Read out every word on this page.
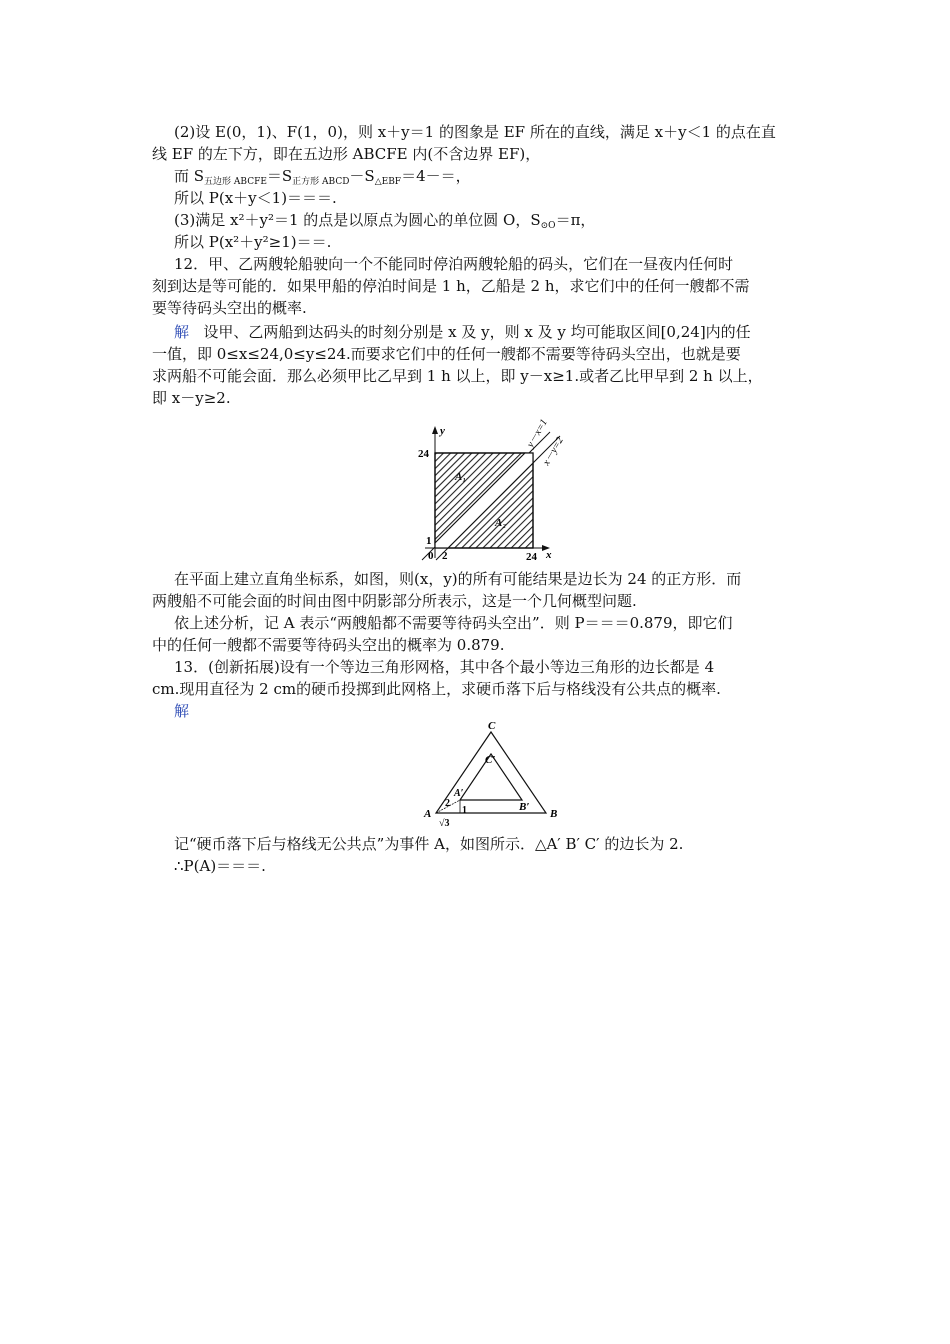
(2)设 E(0，1)、F(1，0)，则 x＋y＝1 的图象是 EF 所在的直线，满足 x＋y＜1 的点在直
线 EF 的左下方，即在五边形 ABCFE 内(不含边界 EF)，
而 $S_{五边形 ABCFE}=S_{正方形 ABCD}-S_{\triangle EBF}=4-=$，
所以 P(x＋y＜1)＝＝＝.
(3)满足 x²＋y²＝1 的点是以原点为圆心的单位圆 O，$S_{⊙O}=\pi$，
所以 P(x²＋y²≥1)＝＝.
12．甲、乙两艘轮船驶向一个不能同时停泊两艘轮船的码头，它们在一昼夜内任何时
刻到达是等可能的．如果甲船的停泊时间是 1 h，乙船是 2 h，求它们中的任何一艘都不需
要等待码头空出的概率.
解 设甲、乙两船到达码头的时刻分别是 x 及 y，则 x 及 y 均可能取区间[0,24]内的任
一值，即 0≤x≤24,0≤y≤24.而要求它们中的任何一艘都不需要等待码头空出，也就是要
求两船不可能会面．那么必须甲比乙早到 1 h 以上，即 y－x≥1.或者乙比甲早到 2 h 以上，
即 x－y≥2.
y
x
24
24
1
0 2
A₁
A₂
y－x=1
x－y=2
在平面上建立直角坐标系，如图，则(x，y)的所有可能结果是边长为 24 的正方形．而
两艘船不可能会面的时间由图中阴影部分所表示，这是一个几何概型问题.
依上述分析，记 A 表示“两艘船都不需要等待码头空出”．则 P＝＝＝0.879，即它们
中的任何一艘都不需要等待码头空出的概率为 0.879.
13．(创新拓展)设有一个等边三角形网格，其中各个最小等边三角形的边长都是 4
cm.现用直径为 2 cm的硬币投掷到此网格上，求硬币落下后与格线没有公共点的概率.
解
C
C′
A
A′
B
B′
2
1
√3
记“硬币落下后与格线无公共点”为事件 A，如图所示．△A′ B′ C′ 的边长为 2.
∴P(A)＝＝＝.
